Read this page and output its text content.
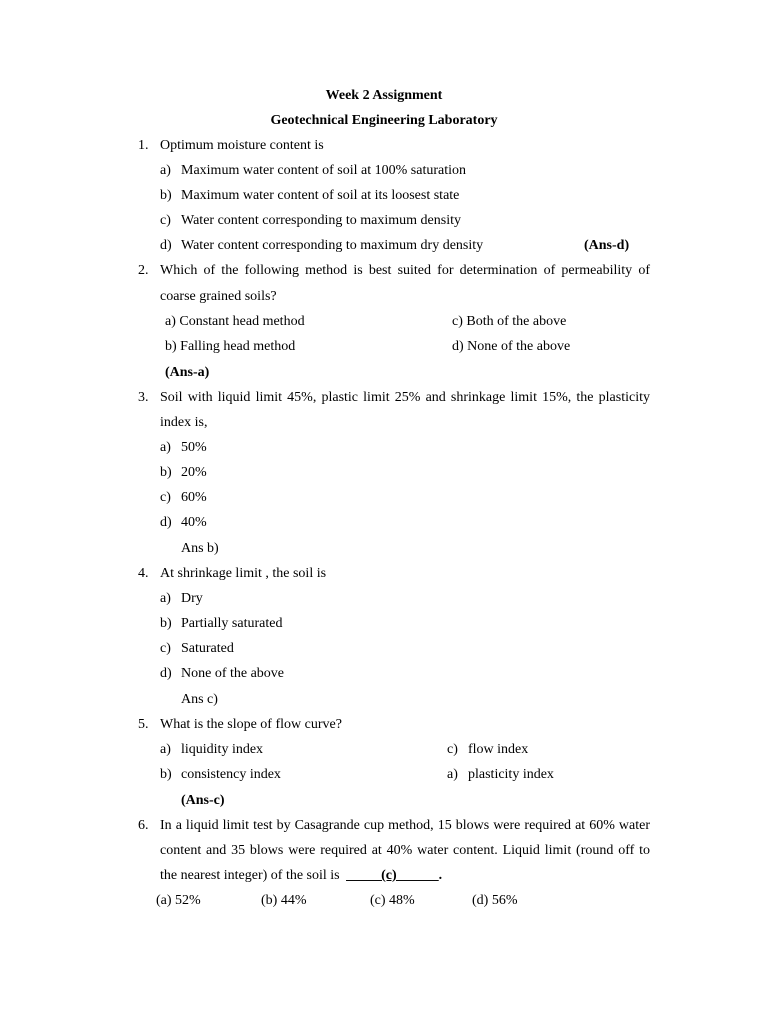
Week 2 Assignment
Geotechnical Engineering Laboratory
1. Optimum moisture content is
a) Maximum water content of soil at 100% saturation
b) Maximum water content of soil at its loosest state
c) Water content corresponding to maximum density
d) Water content corresponding to maximum dry density	(Ans-d)
2. Which of the following method is best suited for determination of permeability of
coarse grained soils?
a) Constant head method	c) Both of the above
b) Falling head method	d) None of the above
(Ans-a)
3. Soil with liquid limit 45%, plastic limit 25% and shrinkage limit 15%, the plasticity
index is,
a) 50%
b) 20%
c) 60%
d) 40%
Ans b)
4. At shrinkage limit , the soil is
a) Dry
b) Partially saturated
c) Saturated
d) None of the above
Ans c)
5. What is the slope of flow curve?
a) liquidity index	c) flow index
b) consistency index	a) plasticity index
(Ans-c)
6. In a liquid limit test by Casagrande cup method, 15 blows were required at 60% water
content and 35 blows were required at 40% water content. Liquid limit (round off to
the nearest integer) of the soil is _____(c)______.
(a) 52%	(b) 44%	(c) 48%	(d) 56%
